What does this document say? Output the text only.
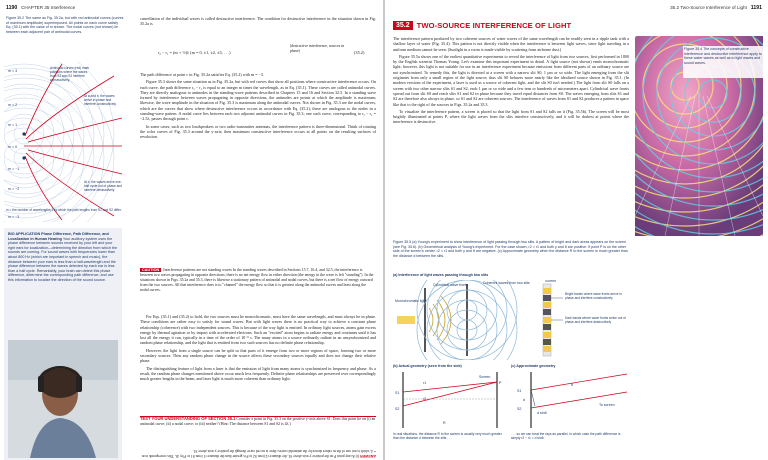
1190 CHAPTER 35 Interference
Figure 35.2 The same as Fig. 35.2a, but with red antinodal curves (curves of maximum amplitude) superimposed. All points on each curve satisfy Eq. (35.1) with the value of m shown. The nodal curves (not shown) lie between each adjacent pair of antinodal curves.
m = 3
m = 2
m = 1
m = 0
m = −1
m = −2
m = −3
Antinodal curves (red) mark positions where the waves from S1 and S2 interfere constructively.
At a and b, the waves arrive in phase and interfere constructively.
At c, the waves arrive one-half cycle out of phase and interfere destructively.
m = the number of wavelengths λ by which the path lengths from S1 and S2 differ.
BIO APPLICATION Phase Difference, Path Difference, and Localization in Human Hearing Your auditory system uses the phase difference between sounds received by your left and your right ears for localization—determining the direction from which the sounds are coming. For sound waves with frequencies lower than about 800 Hz (which are important in speech and music), the distance between your ears is less than a half-wavelength and the phase difference between the waves detected by each ear is less than a half cycle. Remarkably, your brain can detect this phase difference, determine the corresponding path difference, and use this information to localize the direction of the sound source.

cancellation of the individual waves is called destructive interference. The condition for destructive interference in the situation shown in Fig. 35.2a is

r₂ − r₁ = (m + ½)λ (m = 0, ±1, ±2, ±3, . . .)
(destructive interference, sources in phase)	(35.2)

The path difference at point c in Fig. 35.2a satisfies Eq. (35.2) with m = −3.

Figure 35.3 shows the same situation as in Fig. 35.2a, but with red curves that show all positions where constructive interference occurs. On each curve, the path difference r₂ − r₁ is equal to an integer m times the wavelength, as in Eq. (35.1). These curves are called antinodal curves. They are directly analogous to antinodes in the standing-wave patterns described in Chapters 15 and 16 and Section 32.5. In a standing wave formed by interference between waves propagating in opposite directions, the antinodes are points at which the amplitude is maximum; likewise, the wave amplitude in the situation of Fig. 35.3 is maximum along the antinodal curves. Not shown in Fig. 35.3 are the nodal curves, which are the curves that show where destructive interference occurs in accordance with Eq. (35.2); these are analogous to the nodes in a standing-wave pattern. A nodal curve lies between each two adjacent antinodal curves in Fig. 35.3; one such curve, corresponding to r₂ − r₁ = −2.5λ, passes through point c.

In some cases, such as two loudspeakers or two radio-transmitter antennas, the interference pattern is three-dimensional. Think of rotating the color curves of Fig. 35.3 around the y-axis; then maximum constructive interference occurs at all points on the resulting surfaces of revolution.

CAUTION Interference patterns are not standing waves In the standing waves described in Sections 15.7, 16.4, and 32.5, the interference is between two waves propagating in opposite directions; there is no net energy flow in either direction (the energy in the wave is left "standing"). In the situations shown in Figs. 35.2a and 35.3, there is likewise a stationary pattern of antinodal and nodal curves, but there is a net flow of energy outward from the two sources. All that interference does is to "channel" the energy flow so that it is greatest along the antinodal curves and least along the nodal curves.

For Eqs. (35.1) and (35.2) to hold, the two sources must be monochromatic, must have the same wavelength, and must always be in phase. These conditions are rather easy to satisfy for sound waves. But with light waves there is no practical way to achieve a constant phase relationship (coherence) with two independent sources. This is because of the way light is emitted. In ordinary light sources, atoms gain excess energy by thermal agitation or by impact with accelerated electrons. Such an "excited" atom begins to radiate energy and continues until it has lost all the energy it can, typically in a time of the order of 10⁻⁸ s. The many atoms in a source ordinarily radiate in an unsynchronized and random phase relationship, and the light that is emitted from two such sources has no definite phase relationship.

However, the light from a single source can be split so that parts of it emerge from two or more regions of space, forming two or more secondary sources. Then any random phase change in the source affects these secondary sources equally and does not change their relative phase.

The distinguishing feature of light from a laser is that the emission of light from many atoms is synchronized in frequency and phase. As a result, the random phase changes mentioned above occur much less frequently. Definite phase relationships are preserved over correspondingly much greater lengths in the beam, and laser light is much more coherent than ordinary light.

TEST YOUR UNDERSTANDING OF SECTION 35.1 Consider a point in Fig. 35.3 on the positive y-axis above S1. Does this point lie on (i) an antinodal curve; (ii) a nodal curve; or (iii) neither? (Hint: The distance between S1 and S2 is 4λ.)
ANSWER (i) At any point P on the positive y-axis above S1, the distance r2 from S2 to P is greater than the distance r1 from S1 to P by 4λ. This corresponds to m = 4, which is not one of the m values shown by the antinodal curves; there is no red curve through the positive y-axis above S1.
35.2 Two-Source Interference of Light 1191
35.2 TWO-SOURCE INTERFERENCE OF LIGHT

The interference pattern produced by two coherent sources of water waves of the same wavelength can be readily seen in a ripple tank with a shallow layer of water (Fig. 35.4). This pattern is not directly visible when the interference is between light waves, since light traveling in a uniform medium cannot be seen. (Sunlight in a room is made visible by scattering from airborne dust.)

Figure 35.5a shows one of the earliest quantitative experiments to reveal the interference of light from two sources, first performed in 1800 by the English scientist Thomas Young. Let's examine this important experiment in detail. A light source (not shown) emits monochromatic light; however, this light is not suitable for use in an interference experiment because emissions from different parts of an ordinary source are not synchronized. To remedy this, the light is directed at a screen with a narrow slit S0, 1 μm or so wide. The light emerging from the slit originates from only a small region of the light source; thus slit S0 behaves more nearly like the idealized source shown in Fig. 35.1. (In modern versions of the experiment, a laser is used as a source of coherent light, and the slit S0 isn't needed.) The light from slit S0 falls on a screen with two other narrow slits S1 and S2, each 1 μm or so wide and a few tens or hundreds of micrometers apart. Cylindrical wave fronts spread out from slit S0 and reach slits S1 and S2 in phase because they travel equal distances from S0. The waves emerging from slits S1 and S2 are therefore also always in phase, so S1 and S2 are coherent sources. The interference of waves from S1 and S2 produces a pattern in space like that to the right of the sources in Figs. 35.2a and 35.3.

To visualize the interference pattern, a screen is placed so that the light from S1 and S2 falls on it (Fig. 35.5b). The screen will be most brightly illuminated at points P, where the light waves from the slits interfere constructively, and it will be darkest at points where the interference is destructive.

Figure 35.4 The concepts of constructive interference and destructive interference apply to these water waves as well as to light waves and sound waves.
Figure 35.5 (a) Young's experiment to show interference of light passing through two slits. A pattern of bright and dark areas appears on the screen (see Fig. 35.6). (b) Geometrical analysis of Young's experiment. For the case shown, r2 > r1 and both y and θ are positive. If point P is on the other side of the screen's center, r2 < r1 and both y and θ are negative. (c) Approximate geometry when the distance R to the screen is much greater than the distance d between the slits.
(a) Interference of light waves passing through two slits
Monochromatic light
Cylindrical wave fronts	Coherent waves from two slits	Screen
Bright bands where wave fronts arrive in phase and interfere constructively
Dark bands where wave fronts arrive out of phase and interfere destructively
(b) Actual geometry (seen from the side)	(c) Approximate geometry
S1
S2
P
Screen
R
r1
r2
S1
S2
d
d sinθ
To screen
θ
In real situations, the distance R to the screen is usually very much greater than the distance d between the slits . . .
. . . so we can treat the rays as parallel, in which case the path difference is simply r2 − r1 = d sinθ.
